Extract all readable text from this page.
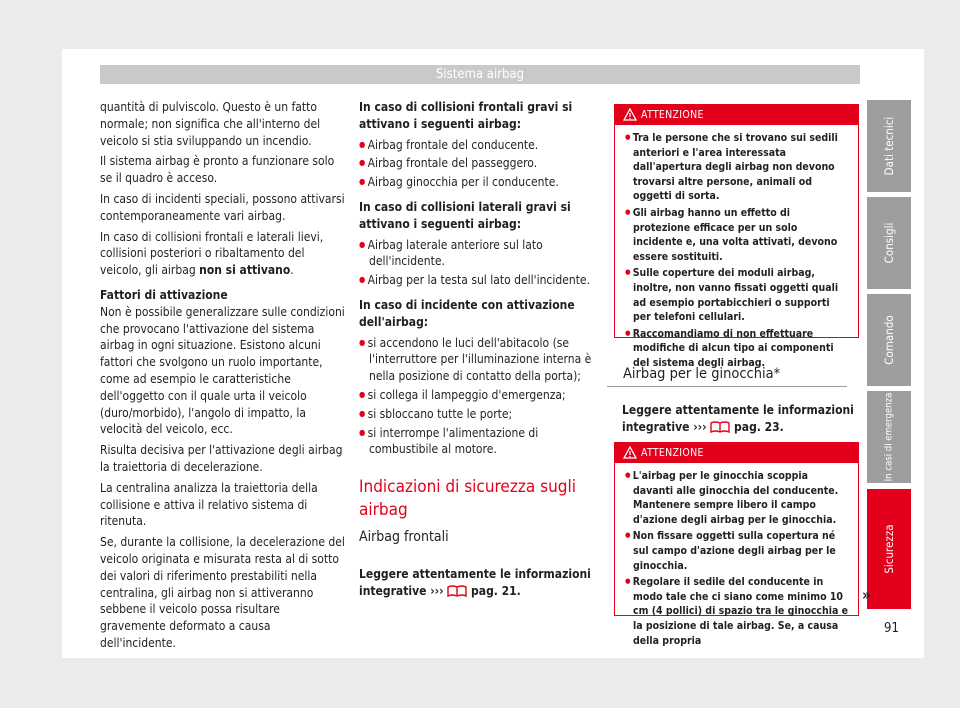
Sistema airbag

quantità di pulviscolo. Questo è un fatto normale; non significa che all'interno del veicolo si stia sviluppando un incendio.

Il sistema airbag è pronto a funzionare solo se il quadro è acceso.

In caso di incidenti speciali, possono attivarsi contemporaneamente vari airbag.

In caso di collisioni frontali e laterali lievi, collisioni posteriori o ribaltamento del veicolo, gli airbag non si attivano.

Fattori di attivazione

Non è possibile generalizzare sulle condizioni che provocano l'attivazione del sistema airbag in ogni situazione. Esistono alcuni fattori che svolgono un ruolo importante, come ad esempio le caratteristiche dell'oggetto con il quale urta il veicolo (duro/morbido), l'angolo di impatto, la velocità del veicolo, ecc.

Risulta decisiva per l'attivazione degli airbag la traiettoria di decelerazione.

La centralina analizza la traiettoria della collisione e attiva il relativo sistema di ritenuta.

Se, durante la collisione, la decelerazione del veicolo originata e misurata resta al di sotto dei valori di riferimento prestabiliti nella centralina, gli airbag non si attiveranno sebbene il veicolo possa risultare gravemente deformato a causa dell'incidente.

In caso di collisioni frontali gravi si attivano i seguenti airbag:

● Airbag frontale del conducente.
● Airbag frontale del passeggero.
● Airbag ginocchia per il conducente.

In caso di collisioni laterali gravi si attivano i seguenti airbag:

● Airbag laterale anteriore sul lato dell'incidente.
● Airbag per la testa sul lato dell'incidente.

In caso di incidente con attivazione dell'airbag:

● si accendono le luci dell'abitacolo (se l'interruttore per l'illuminazione interna è nella posizione di contatto della porta);
● si collega il lampeggio d'emergenza;
● si sbloccano tutte le porte;
● si interrompe l'alimentazione di combustibile al motore.
Indicazioni di sicurezza sugli airbag
Airbag frontali

Leggere attentamente le informazioni integrative ›››  pag. 21.

ATTENZIONE
● Tra le persone che si trovano sui sedili anteriori e l'area interessata dall'apertura degli airbag non devono trovarsi altre persone, animali od oggetti di sorta.
● Gli airbag hanno un effetto di protezione efficace per un solo incidente e, una volta attivati, devono essere sostituiti.
● Sulle coperture dei moduli airbag, inoltre, non vanno fissati oggetti quali ad esempio portabicchieri o supporti per telefoni cellulari.
● Raccomandiamo di non effettuare modifiche di alcun tipo ai componenti del sistema degli airbag.
Airbag per le ginocchia*

Leggere attentamente le informazioni integrative ›››  pag. 23.

ATTENZIONE
● L'airbag per le ginocchia scoppia davanti alle ginocchia del conducente. Mantenere sempre libero il campo d'azione degli airbag per le ginocchia.
● Non fissare oggetti sulla copertura né sul campo d'azione degli airbag per le ginocchia.
● Regolare il sedile del conducente in modo tale che ci siano come minimo 10 cm (4 pollici) di spazio tra le ginocchia e la posizione di tale airbag. Se, a causa della propria
Dati tecnici
Consigli
Comando
In casi di emergenza
Sicurezza
»
91
